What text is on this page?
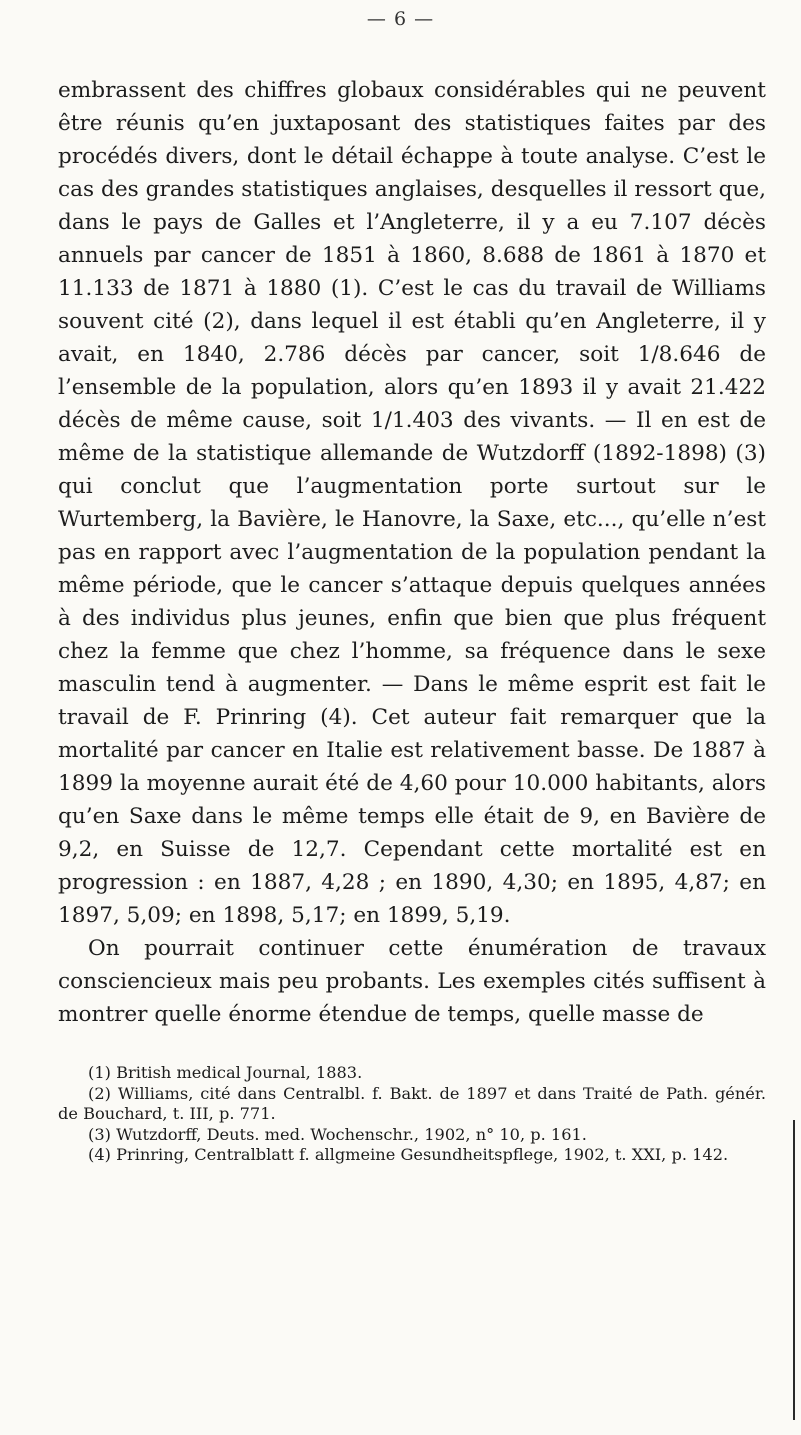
— 6 —

embrassent des chiffres globaux considérables qui ne peuvent être réunis qu’en juxtaposant des statistiques faites par des procédés divers, dont le détail échappe à toute analyse. C’est le cas des grandes statistiques anglaises, desquelles il ressort que, dans le pays de Galles et l’Angleterre, il y a eu 7.107 décès annuels par cancer de 1851 à 1860, 8.688 de 1861 à 1870 et 11.133 de 1871 à 1880 (1). C’est le cas du travail de Williams souvent cité (2), dans lequel il est établi qu’en Angleterre, il y avait, en 1840, 2.786 décès par cancer, soit 1/8.646 de l’ensemble de la population, alors qu’en 1893 il y avait 21.422 décès de même cause, soit 1/1.403 des vivants. — Il en est de même de la statistique allemande de Wutzdorff (1892-1898) (3) qui conclut que l’augmentation porte surtout sur le Wurtemberg, la Bavière, le Hanovre, la Saxe, etc..., qu’elle n’est pas en rapport avec l’augmentation de la population pendant la même période, que le cancer s’attaque depuis quelques années à des individus plus jeunes, enfin que bien que plus fréquent chez la femme que chez l’homme, sa fréquence dans le sexe masculin tend à augmenter. — Dans le même esprit est fait le travail de F. Prinring (4). Cet auteur fait remarquer que la mortalité par cancer en Italie est relativement basse. De 1887 à 1899 la moyenne aurait été de 4,60 pour 10.000 habitants, alors qu’en Saxe dans le même temps elle était de 9, en Bavière de 9,2, en Suisse de 12,7. Cependant cette mortalité est en progression : en 1887, 4,28 ; en 1890, 4,30; en 1895, 4,87; en 1897, 5,09; en 1898, 5,17; en 1899, 5,19.

On pourrait continuer cette énumération de travaux consciencieux mais peu probants. Les exemples cités suffisent à montrer quelle énorme étendue de temps, quelle masse de

(1) British medical Journal, 1883.

(2) Williams, cité dans Centralbl. f. Bakt. de 1897 et dans Traité de Path. génér. de Bouchard, t. III, p. 771.

(3) Wutzdorff, Deuts. med. Wochenschr., 1902, n° 10, p. 161.

(4) Prinring, Centralblatt f. allgmeine Gesundheitspflege, 1902, t. XXI, p. 142.
